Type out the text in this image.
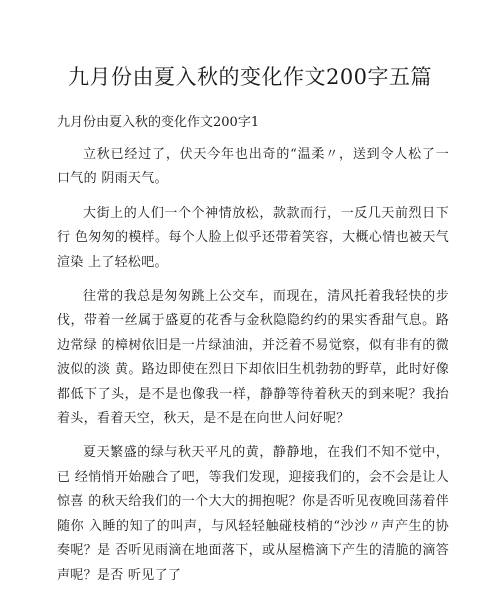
九月份由夏入秋的变化作文200字五篇
九月份由夏入秋的变化作文200字1

立秋已经过了，伏天今年也出奇的“温柔〃，送到令人松了一口气的 阴雨天气。

大街上的人们一个个神情放松，款款而行，一反几天前烈日下行 色匆匆的模样。每个人脸上似乎还带着笑容，大概心情也被天气渲染 上了轻松吧。

往常的我总是匆匆跳上公交车，而现在，清风托着我轻快的步伐，带着一丝属于盛夏的花香与金秋隐隐约约的果实香甜气息。路边常绿 的樟树依旧是一片绿油油，并泛着不易觉察，似有非有的微波似的淡 黄。路边即使在烈日下却依旧生机勃勃的野草，此时好像都低下了头，是不是也像我一样，静静等待着秋天的到来呢？我抬着头，看着天空，秋天，是不是在向世人问好呢？

夏天繁盛的绿与秋天平凡的黄，静静地，在我们不知不觉中，已 经悄悄开始融合了吧，等我们发现，迎接我们的，会不会是让人惊喜 的秋天给我们的一个大大的拥抱呢？你是否听见夜晚回荡着伴随你 入睡的知了的叫声，与风轻轻触碰枝梢的“沙沙〃声产生的协奏呢？是 否听见雨滴在地面落下，或从屋檐滴下产生的清脆的滴答声呢？是否 听见了了
